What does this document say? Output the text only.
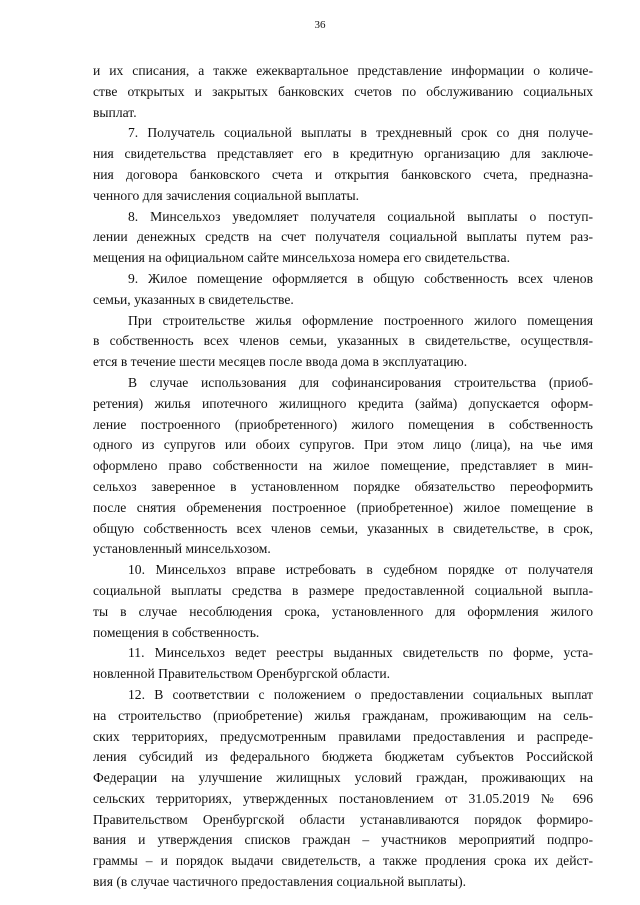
36
и их списания, а также ежеквартальное представление информации о количе-
стве открытых и закрытых банковских счетов по обслуживанию социальных
выплат.
7. Получатель социальной выплаты в трехдневный срок со дня получе-
ния свидетельства представляет его в кредитную организацию для заключе-
ния договора банковского счета и открытия банковского счета, предназна-
ченного для зачисления социальной выплаты.
8. Минсельхоз уведомляет получателя социальной выплаты о поступ-
лении денежных средств на счет получателя социальной выплаты путем раз-
мещения на официальном сайте минсельхоза номера его свидетельства.
9. Жилое помещение оформляется в общую собственность всех членов
семьи, указанных в свидетельстве.
При строительстве жилья оформление построенного жилого помещения
в собственность всех членов семьи, указанных в свидетельстве, осуществля-
ется в течение шести месяцев после ввода дома в эксплуатацию.
В случае использования для софинансирования строительства (приоб-
ретения) жилья ипотечного жилищного кредита (займа) допускается оформ-
ление построенного (приобретенного) жилого помещения в собственность
одного из супругов или обоих супругов. При этом лицо (лица), на чье имя
оформлено право собственности на жилое помещение, представляет в мин-
сельхоз заверенное в установленном порядке обязательство переоформить
после снятия обременения построенное (приобретенное) жилое помещение в
общую собственность всех членов семьи, указанных в свидетельстве, в срок,
установленный минсельхозом.
10. Минсельхоз вправе истребовать в судебном порядке от получателя
социальной выплаты средства в размере предоставленной социальной выпла-
ты в случае несоблюдения срока, установленного для оформления жилого
помещения в собственность.
11. Минсельхоз ведет реестры выданных свидетельств по форме, уста-
новленной Правительством Оренбургской области.
12. В соответствии с положением о предоставлении социальных выплат
на строительство (приобретение) жилья гражданам, проживающим на сель-
ских территориях, предусмотренным правилами предоставления и распреде-
ления субсидий из федерального бюджета бюджетам субъектов Российской
Федерации на улучшение жилищных условий граждан, проживающих на
сельских территориях, утвержденных постановлением от 31.05.2019 № 696
Правительством Оренбургской области устанавливаются порядок формиро-
вания и утверждения списков граждан – участников мероприятий подпро-
граммы – и порядок выдачи свидетельств, а также продления срока их дейст-
вия (в случае частичного предоставления социальной выплаты).
